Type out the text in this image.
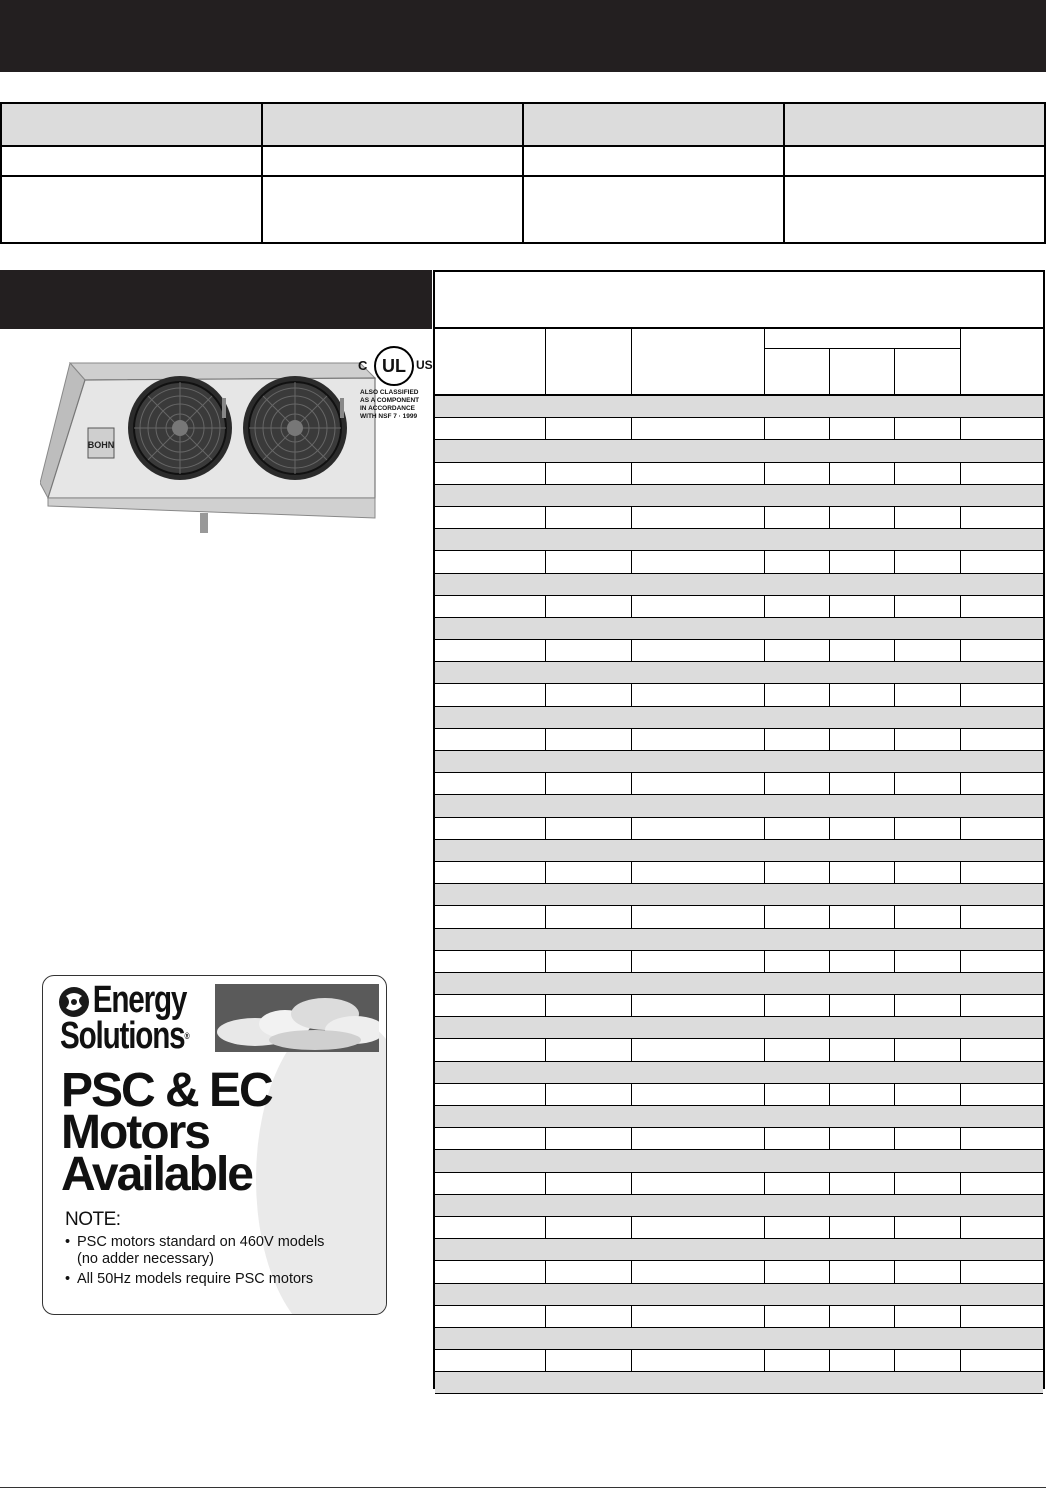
BOHN
C UL US
ALSO CLASSIFIED
AS A COMPONENT
IN ACCORDANCE
WITH NSF 7 · 1999
Energy
Solutions®
PSC & EC
Motors
Available
NOTE:
• PSC motors standard on 460V models
(no adder necessary)
• All 50Hz models require PSC motors
